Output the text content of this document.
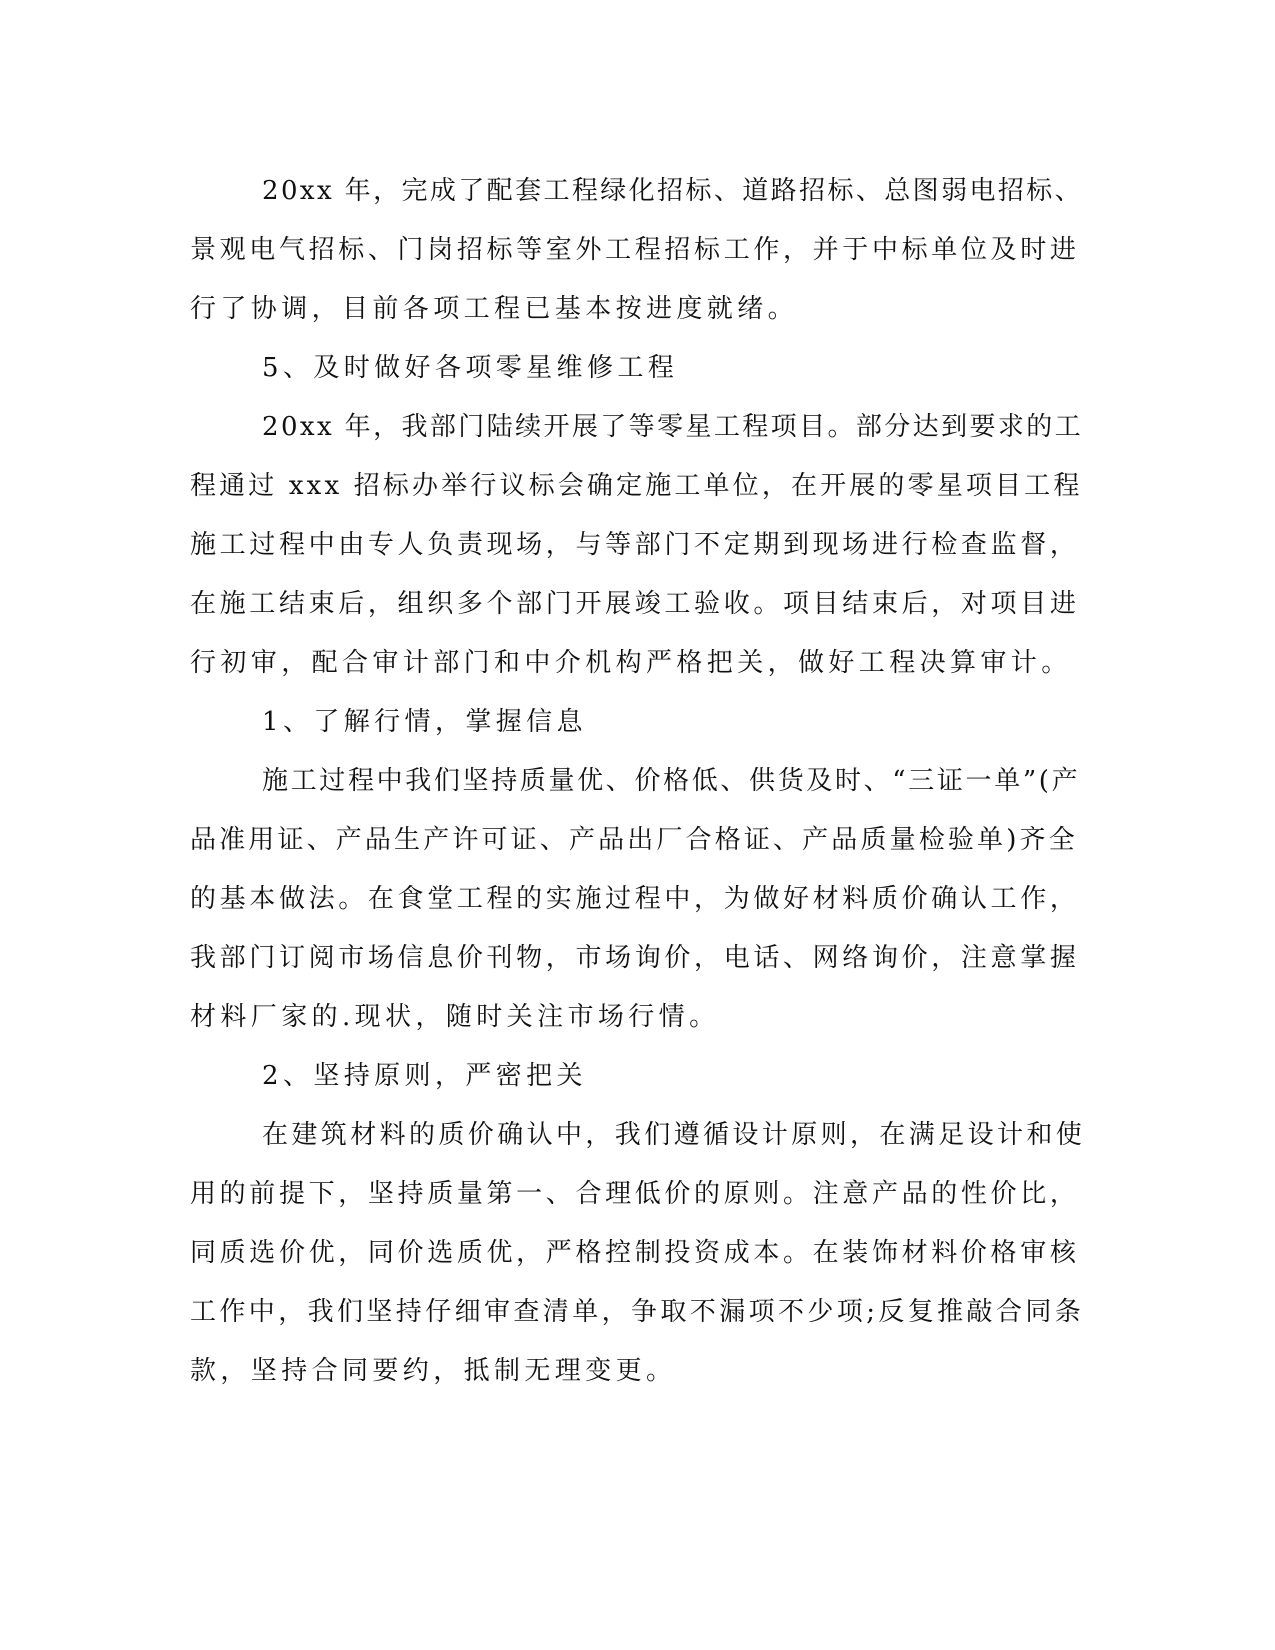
20xx 年，完成了配套工程绿化招标、道路招标、总图弱电招标、
景观电气招标、门岗招标等室外工程招标工作，并于中标单位及时进
行了协调，目前各项工程已基本按进度就绪。
5、及时做好各项零星维修工程
20xx 年，我部门陆续开展了等零星工程项目。部分达到要求的工
程通过 xxx 招标办举行议标会确定施工单位，在开展的零星项目工程
施工过程中由专人负责现场，与等部门不定期到现场进行检查监督，
在施工结束后，组织多个部门开展竣工验收。项目结束后，对项目进
行初审，配合审计部门和中介机构严格把关，做好工程决算审计。
1、了解行情，掌握信息
施工过程中我们坚持质量优、价格低、供货及时、“三证一单”(产
品准用证、产品生产许可证、产品出厂合格证、产品质量检验单)齐全
的基本做法。在食堂工程的实施过程中，为做好材料质价确认工作，
我部门订阅市场信息价刊物，市场询价，电话、网络询价，注意掌握
材料厂家的.现状，随时关注市场行情。
2、坚持原则，严密把关
在建筑材料的质价确认中，我们遵循设计原则，在满足设计和使
用的前提下，坚持质量第一、合理低价的原则。注意产品的性价比，
同质选价优，同价选质优，严格控制投资成本。在装饰材料价格审核
工作中，我们坚持仔细审查清单，争取不漏项不少项;反复推敲合同条
款，坚持合同要约，抵制无理变更。
